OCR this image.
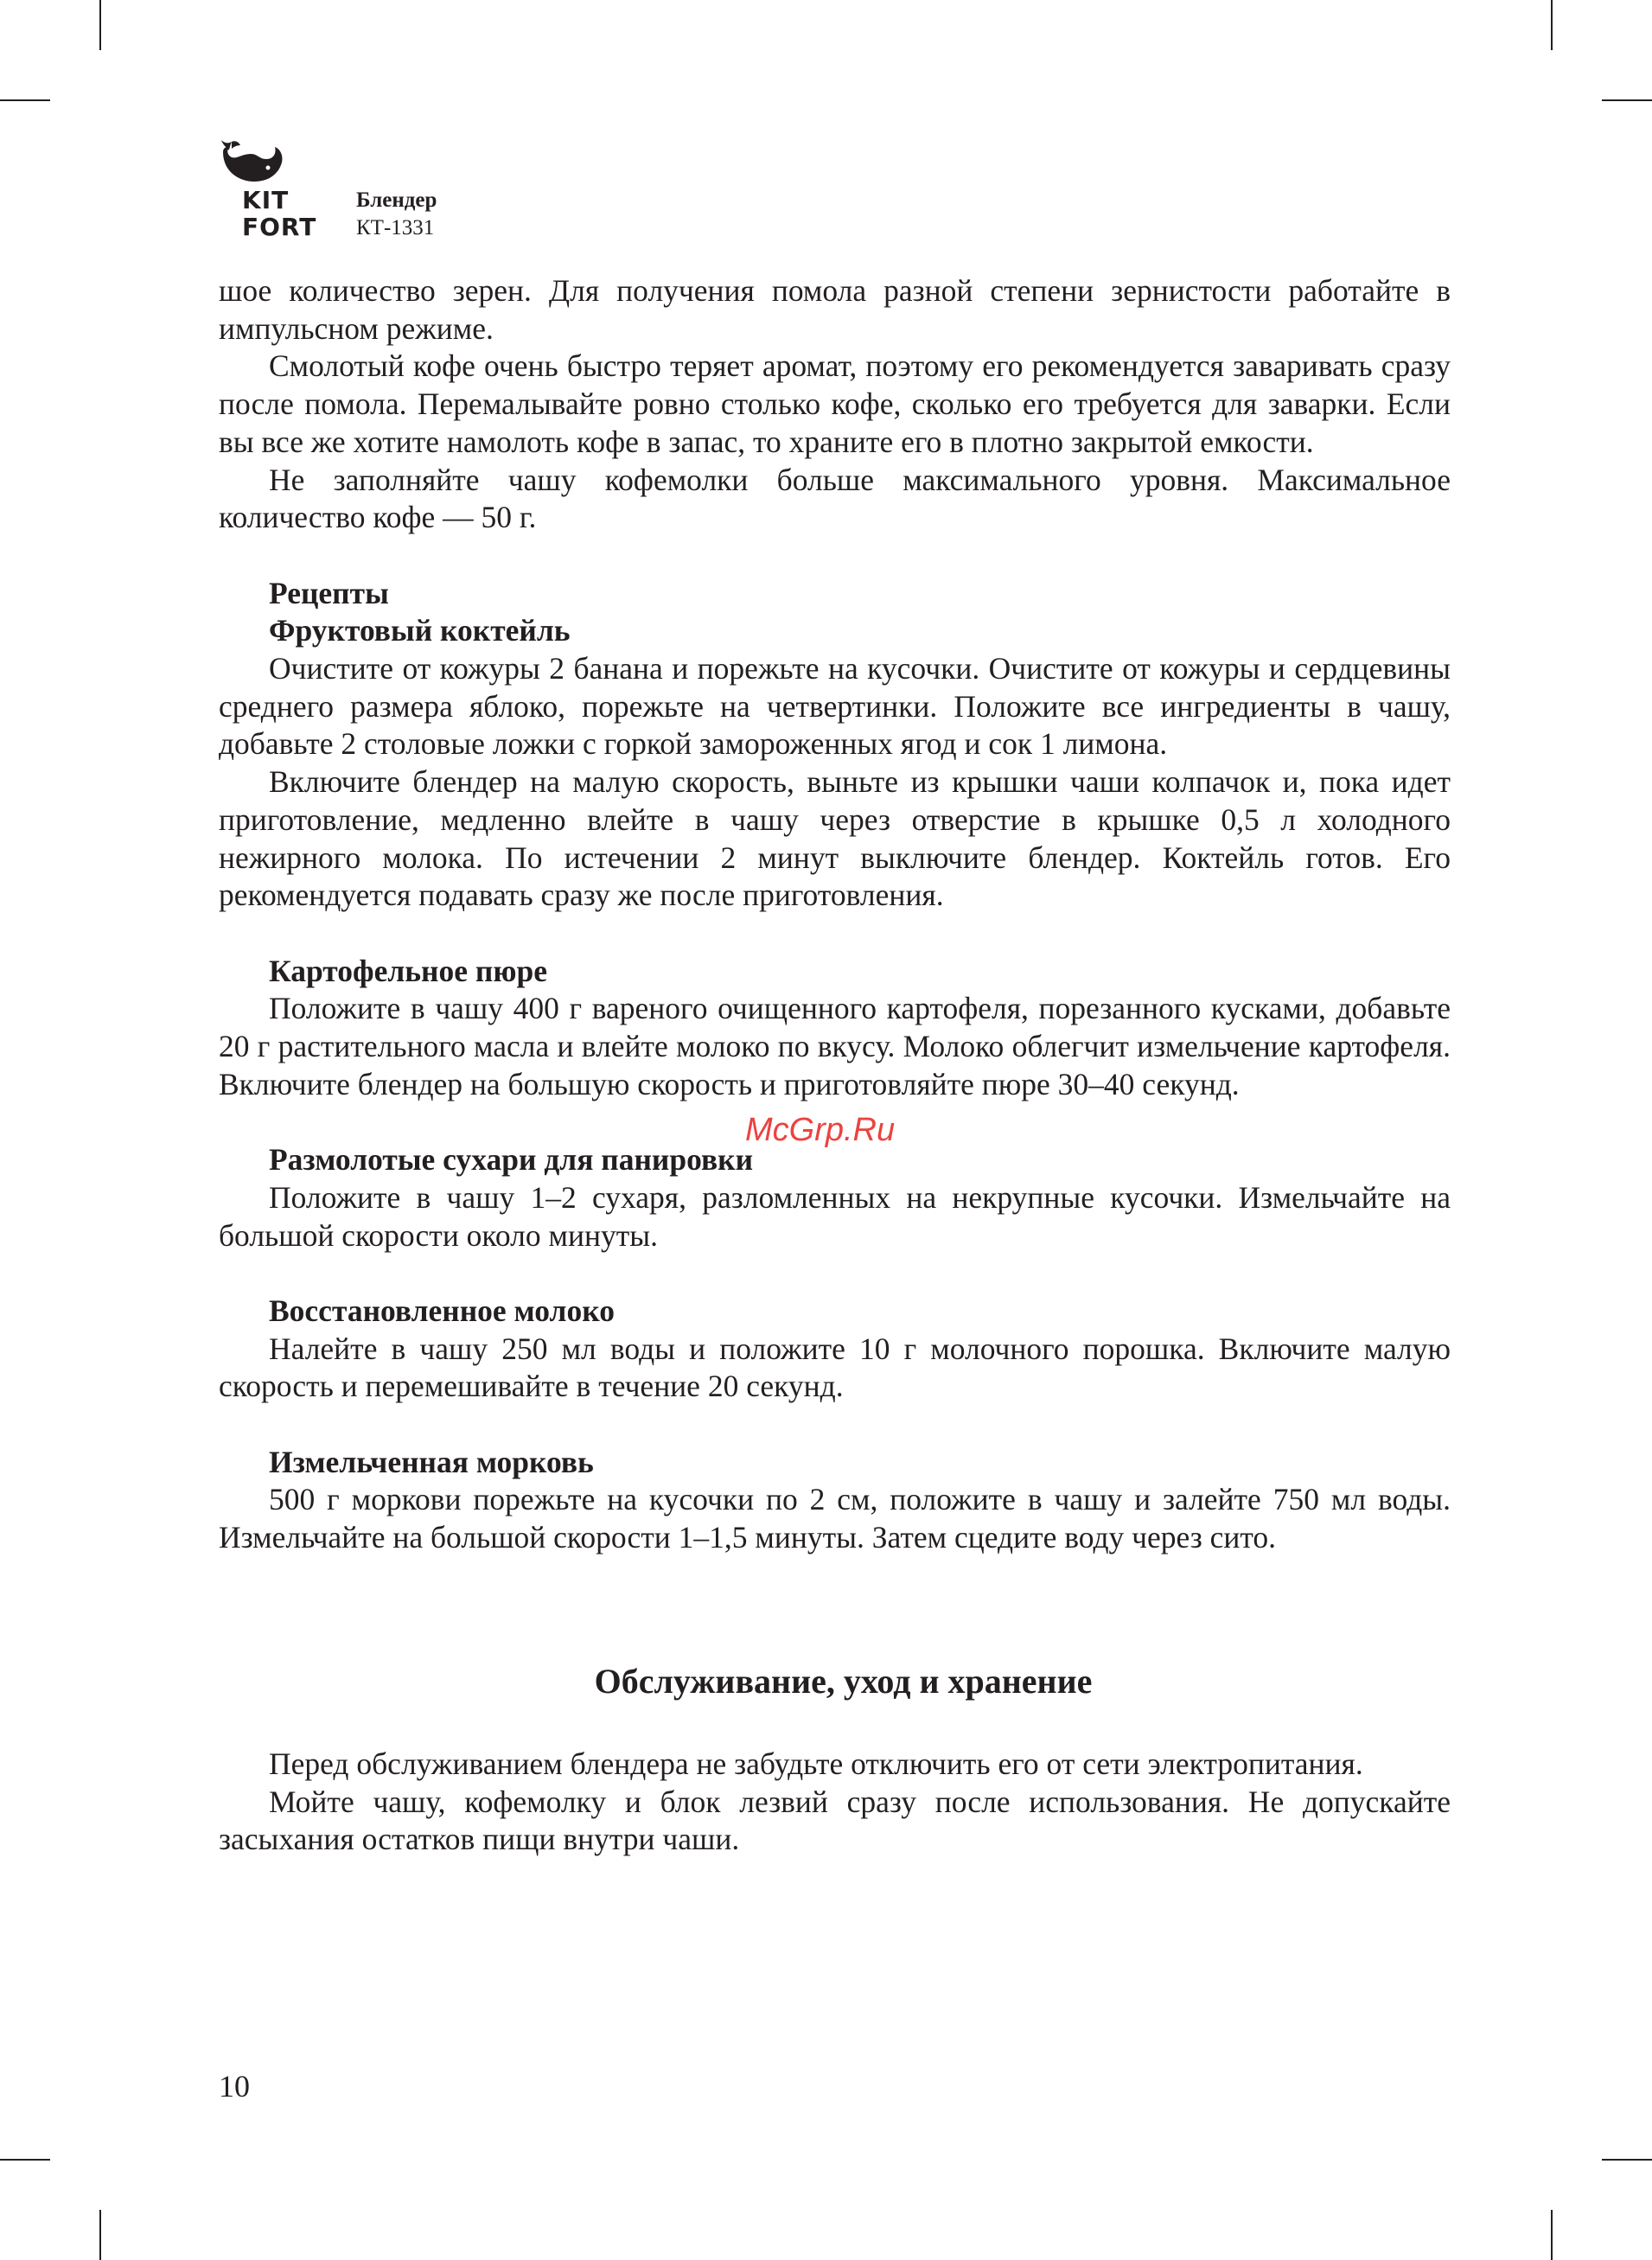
KIT
FORT
Блендер
КТ-1331

шое количество зерен. Для получения помола разной степени зернистости работайте в импульсном режиме.

Смолотый кофе очень быстро теряет аромат, поэтому его рекомендуется заваривать сразу после помола. Перемалывайте ровно столько кофе, сколько его требуется для заварки. Если вы все же хотите намолоть кофе в запас, то храните его в плотно закрытой емкости.

Не заполняйте чашу кофемолки больше максимального уровня. Максимальное количество кофе — 50 г.

Рецепты

Фруктовый коктейль

Очистите от кожуры 2 банана и порежьте на кусочки. Очистите от кожуры и сердцевины среднего размера яблоко, порежьте на четвертинки. Положите все ингредиенты в чашу, добавьте 2 столовые ложки с горкой замороженных ягод и сок 1 лимона.

Включите блендер на малую скорость, выньте из крышки чаши колпачок и, пока идет приготовление, медленно влейте в чашу через отверстие в крышке 0,5 л холодного нежирного молока. По истечении 2 минут выключите блендер. Коктейль готов. Его рекомендуется подавать сразу же после приготовления.

Картофельное пюре

Положите в чашу 400 г вареного очищенного картофеля, порезанного кусками, добавьте 20 г растительного масла и влейте молоко по вкусу. Молоко облегчит измельчение картофеля. Включите блендер на большую скорость и приготовляйте пюре 30–40 секунд.

Размолотые сухари для панировки

Положите в чашу 1–2 сухаря, разломленных на некрупные кусочки. Измельчайте на большой скорости около минуты.

Восстановленное молоко

Налейте в чашу 250 мл воды и положите 10 г молочного порошка. Включите малую скорость и перемешивайте в течение 20 секунд.

Измельченная морковь

500 г моркови порежьте на кусочки по 2 см, положите в чашу и залейте 750 мл воды. Измельчайте на большой скорости 1–1,5 минуты. Затем сцедите воду через сито.

Обслуживание, уход и хранение

Перед обслуживанием блендера не забудьте отключить его от сети электропитания.

Мойте чашу, кофемолку и блок лезвий сразу после использования. Не допускайте засыхания остатков пищи внутри чаши.

McGrp.Ru
10
